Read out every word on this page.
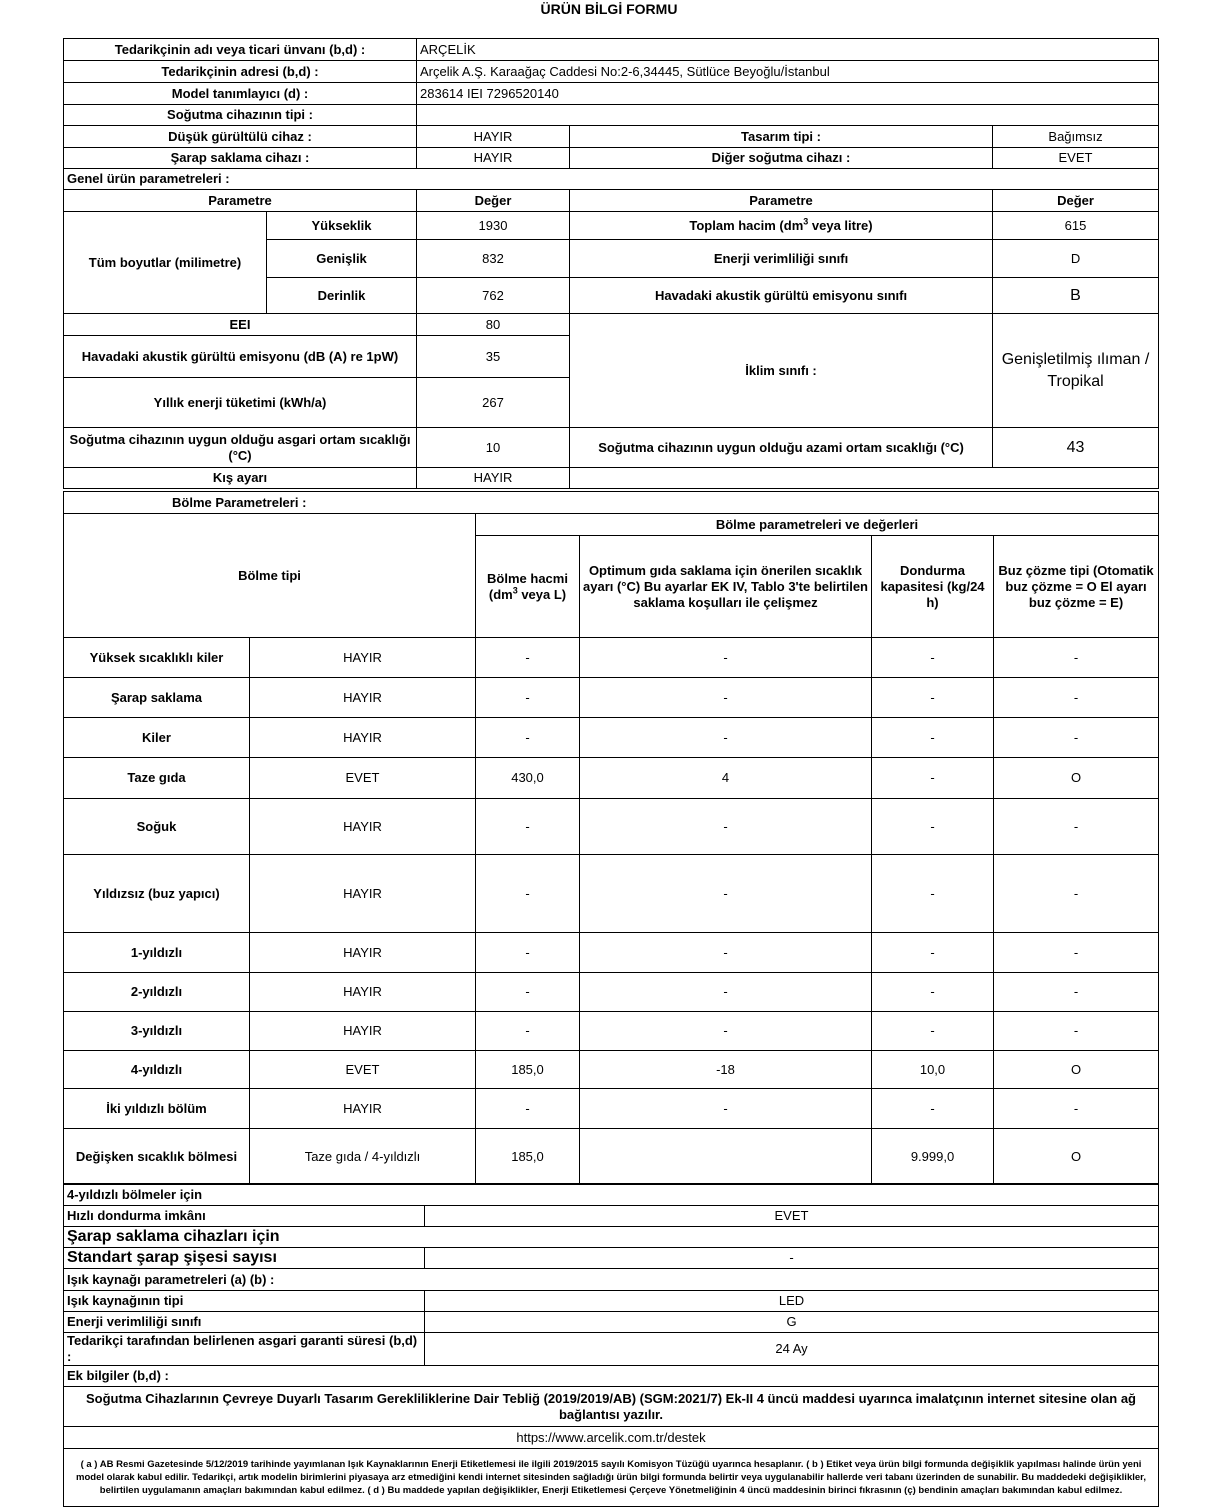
ÜRÜN BİLGİ FORMU
Tedarikçinin adı veya ticari ünvanı (b,d) :		ARÇELİK		
Tedarikçinin adresi (b,d) :		Arçelik A.Ş. Karaağaç Caddesi No:2-6,34445, Sütlüce Beyoğlu/İstanbul		
Model tanımlayıcı (d) :		283614 IEI 7296520140		
Soğutma cihazının tipi :				
Düşük gürültülü cihaz :		HAYIR	Tasarım tipi :	Bağımsız
Şarap saklama cihazı :		HAYIR	Diğer soğutma cihazı :	EVET
Genel ürün parametreleri :				
Parametre		Değer	Parametre	Değer
Tüm boyutlar (milimetre)	Yükseklik	1930	Toplam hacim ($dm^3$ veya litre)	615
	Genişlik	832	Enerji verimliliği sınıfı	D
	Derinlik	762	Havadaki akustik gürültü emisyonu sınıfı	B
EEI		80	İklim sınıfı :	Genişletilmiş ılıman / Tropikal
Havadaki akustik gürültü emisyonu (dB (A) re 1pW)		35		
Yıllık enerji tüketimi (kWh/a)		267		
Soğutma cihazının uygun olduğu asgari ortam sıcaklığı (°C)		10	Soğutma cihazının uygun olduğu azami ortam sıcaklığı (°C)	43
Kış ayarı		HAYIR		
Bölme Parametreleri :					
Bölme tipi		Bölme parametreleri ve değerleri			
		Bölme hacmi ($dm^3$ veya L)	Optimum gıda saklama için önerilen sıcaklık ayarı (°C) Bu ayarlar EK IV, Tablo 3'te belirtilen saklama koşulları ile çelişmez	Dondurma kapasitesi (kg/24 h)	Buz çözme tipi (Otomatik buz çözme = O El ayarı buz çözme = E)
Yüksek sıcaklıklı kiler	HAYIR	-	-	-	-
Şarap saklama	HAYIR	-	-	-	-
Kiler	HAYIR	-	-	-	-
Taze gıda	EVET	430,0	4	-	O
Soğuk	HAYIR	-	-	-	-
Yıldızsız (buz yapıcı)	HAYIR	-	-	-	-
1-yıldızlı	HAYIR	-	-	-	-
2-yıldızlı	HAYIR	-	-	-	-
3-yıldızlı	HAYIR	-	-	-	-
4-yıldızlı	EVET	185,0	-18	10,0	O
İki yıldızlı bölüm	HAYIR	-	-	-	-
Değişken sıcaklık bölmesi	Taze gıda / 4-yıldızlı	185,0		9.999,0	O
4-yıldızlı bölmeler için	
Hızlı dondurma imkânı	EVET
Şarap saklama cihazları için	
Standart şarap şişesi sayısı	-
Işık kaynağı parametreleri (a) (b) :	
Işık kaynağının tipi	LED
Enerji verimliliği sınıfı	G
Tedarikçi tarafından belirlenen asgari garanti süresi (b,d) :	24 Ay
Ek bilgiler (b,d) :	
Soğutma Cihazlarının Çevreye Duyarlı Tasarım Gerekliliklerine Dair Tebliğ (2019/2019/AB) (SGM:2021/7) Ek-II 4 üncü maddesi uyarınca imalatçının internet sitesine olan ağ bağlantısı yazılır.	
https://www.arcelik.com.tr/destek	
( a ) AB Resmi Gazetesinde 5/12/2019 tarihinde yayımlanan Işık Kaynaklarının Enerji Etiketlemesi ile ilgili 2019/2015 sayılı Komisyon Tüzüğü uyarınca hesaplanır. ( b ) Etiket veya ürün bilgi formunda değişiklik yapılması halinde ürün yeni model olarak kabul edilir. Tedarikçi, artık modelin birimlerini piyasaya arz etmediğini kendi internet sitesinden sağladığı ürün bilgi formunda belirtir veya uygulanabilir hallerde veri tabanı üzerinden de sunabilir. Bu maddedeki değişiklikler, belirtilen uygulamanın amaçları bakımından kabul edilmez. ( d ) Bu maddede yapılan değişiklikler, Enerji Etiketlemesi Çerçeve Yönetmeliğinin 4 üncü maddesinin birinci fıkrasının (ç) bendinin amaçları bakımından kabul edilmez.	
